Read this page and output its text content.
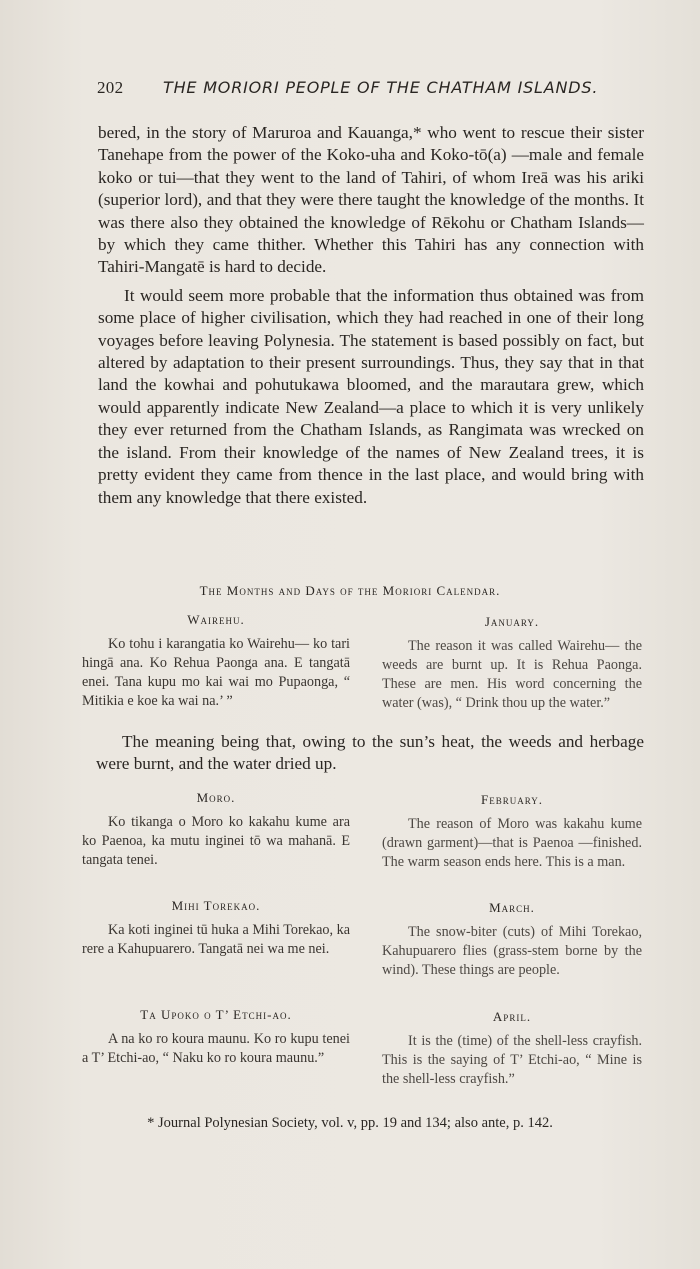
202 THE MORIORI PEOPLE OF THE CHATHAM ISLANDS.

bered, in the story of Maruroa and Kauanga,* who went to rescue their sister Tanehape from the power of the Koko-uha and Koko-tō(a) —male and female koko or tui—that they went to the land of Tahiri, of whom Ireā was his ariki (superior lord), and that they were there taught the knowledge of the months. It was there also they obtained the knowledge of Rēkohu or Chatham Islands—by which they came thither. Whether this Tahiri has any connection with Tahiri-Mangatē is hard to decide.

It would seem more probable that the information thus obtained was from some place of higher civilisation, which they had reached in one of their long voyages before leaving Polynesia. The statement is based possibly on fact, but altered by adaptation to their present surroundings. Thus, they say that in that land the kowhai and pohutukawa bloomed, and the marautara grew, which would apparently indicate New Zealand—a place to which it is very unlikely they ever returned from the Chatham Islands, as Rangimata was wrecked on the island. From their knowledge of the names of New Zealand trees, it is pretty evident they came from thence in the last place, and would bring with them any knowledge that there existed.

The Months and Days of the Moriori Calendar.
Wairehu.

Ko tohu i karangatia ko Wairehu— ko tari hingā ana. Ko Rehua Paonga ana. E tangatā enei. Tana kupu mo kai wai mo Pupaonga, “ Mitikia e koe ka wai na.’ ”

January.

The reason it was called Wairehu— the weeds are burnt up. It is Rehua Paonga. These are men. His word concerning the water (was), “ Drink thou up the water.”

The meaning being that, owing to the sun’s heat, the weeds and herbage were burnt, and the water dried up.

Moro.

Ko tikanga o Moro ko kakahu kume ara ko Paenoa, ka mutu inginei tō wa mahanā. E tangata tenei.

February.

The reason of Moro was kakahu kume (drawn garment)—that is Paenoa —finished. The warm season ends here. This is a man.

Mihi Torekao.

Ka koti inginei tū huka a Mihi Torekao, ka rere a Kahupuarero. Tangatā nei wa me nei.

March.

The snow-biter (cuts) of Mihi Torekao, Kahupuarero flies (grass-stem borne by the wind). These things are people.

Ta Upoko o T’ Etchi-ao.

A na ko ro koura maunu. Ko ro kupu tenei a T’ Etchi-ao, “ Naku ko ro koura maunu.”

April.

It is the (time) of the shell-less crayfish. This is the saying of T’ Etchi-ao, “ Mine is the shell-less crayfish.”

* Journal Polynesian Society, vol. v, pp. 19 and 134; also ante, p. 142.
